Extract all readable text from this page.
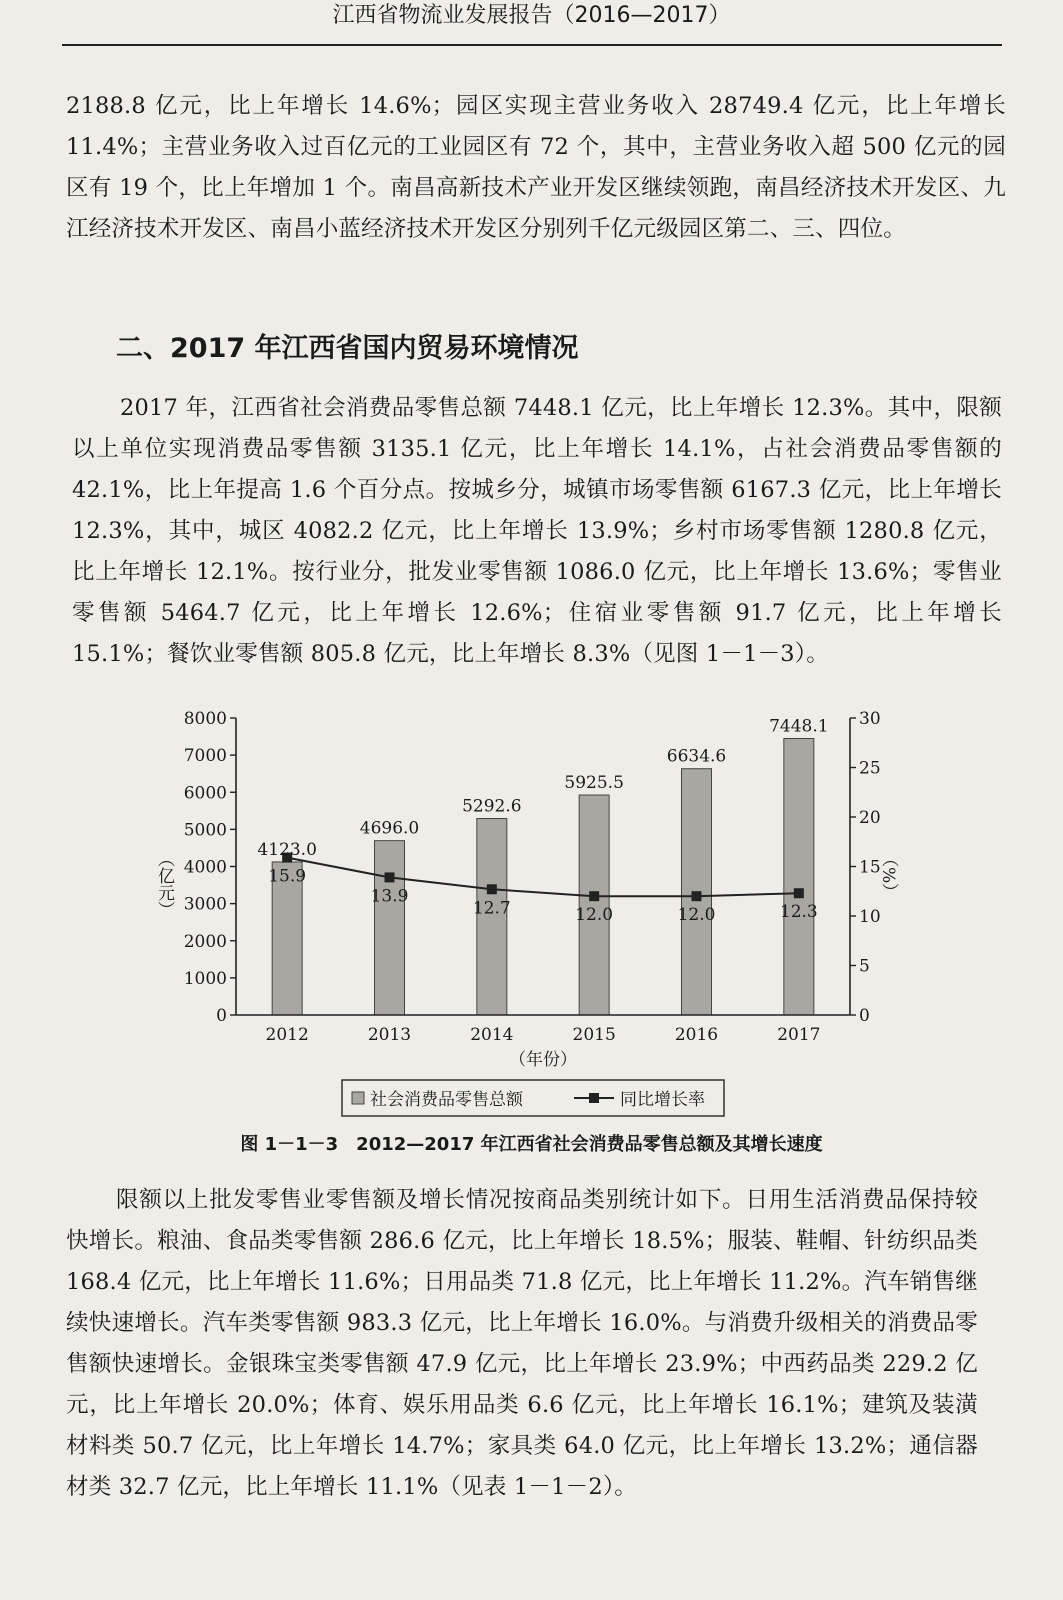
江西省物流业发展报告（2016—2017）

2188.8 亿元，比上年增长 14.6%；园区实现主营业务收入 28749.4 亿元，比上年增长 11.4%；主营业务收入过百亿元的工业园区有 72 个，其中，主营业务收入超 500 亿元的园区有 19 个，比上年增加 1 个。南昌高新技术产业开发区继续领跑，南昌经济技术开发区、九江经济技术开发区、南昌小蓝经济技术开发区分别列千亿元级园区第二、三、四位。

二、2017 年江西省国内贸易环境情况

2017 年，江西省社会消费品零售总额 7448.1 亿元，比上年增长 12.3%。其中，限额以上单位实现消费品零售额 3135.1 亿元，比上年增长 14.1%，占社会消费品零售额的 42.1%，比上年提高 1.6 个百分点。按城乡分，城镇市场零售额 6167.3 亿元，比上年增长 12.3%，其中，城区 4082.2 亿元，比上年增长 13.9%；乡村市场零售额 1280.8 亿元，比上年增长 12.1%。按行业分，批发业零售额 1086.0 亿元，比上年增长 13.6%；零售业零售额 5464.7 亿元，比上年增长 12.6%；住宿业零售额 91.7 亿元，比上年增长 15.1%；餐饮业零售额 805.8 亿元，比上年增长 8.3%（见图 1－1－3）。

0
1000
2000
3000
4000
5000
6000
7000
8000
0
5
10
15
20
25
30
2012	2013	2014	2015	2016	2017
4123.0
4696.0
5292.6
5925.5
6634.6
7448.1
15.9
13.9
12.7	12.0	12.0	12.3
（亿元）	（%）
（年份）
社会消费品零售总额	同比增长率
图 1－1－3　2012—2017 年江西省社会消费品零售总额及其增长速度

限额以上批发零售业零售额及增长情况按商品类别统计如下。日用生活消费品保持较快增长。粮油、食品类零售额 286.6 亿元，比上年增长 18.5%；服装、鞋帽、针纺织品类 168.4 亿元，比上年增长 11.6%；日用品类 71.8 亿元，比上年增长 11.2%。汽车销售继续快速增长。汽车类零售额 983.3 亿元，比上年增长 16.0%。与消费升级相关的消费品零售额快速增长。金银珠宝类零售额 47.9 亿元，比上年增长 23.9%；中西药品类 229.2 亿元，比上年增长 20.0%；体育、娱乐用品类 6.6 亿元，比上年增长 16.1%；建筑及装潢材料类 50.7 亿元，比上年增长 14.7%；家具类 64.0 亿元，比上年增长 13.2%；通信器材类 32.7 亿元，比上年增长 11.1%（见表 1－1－2）。
